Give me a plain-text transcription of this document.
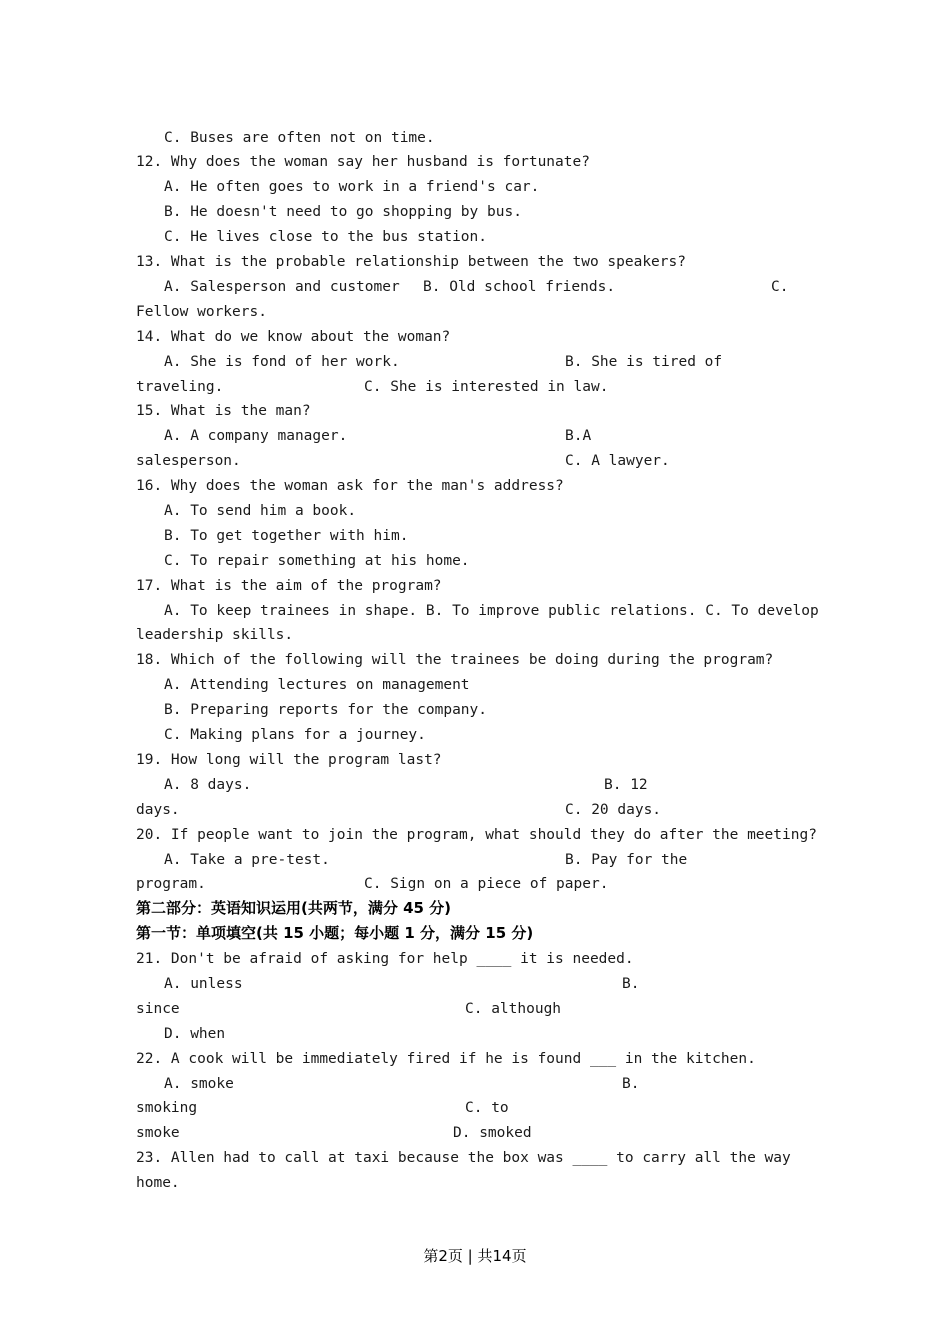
C. Buses are often not on time.
12. Why does the woman say her husband is fortunate?
A. He often goes to work in a friend's car.
B. He doesn't need to go shopping by bus.
C. He lives close to the bus station.
13. What is the probable relationship between the two speakers?
A. Salesperson and customer B. Old school friends.	C.
Fellow workers.
14. What do we know about the woman?
A. She is fond of her work.	B. She is tired of
traveling.	C. She is interested in law.
15. What is the man?
A. A company manager.	B.A
salesperson.	C. A lawyer.
16. Why does the woman ask for the man's address?
A. To send him a book.
B. To get together with him.
C. To repair something at his home.
17. What is the aim of the program?
A. To keep trainees in shape. B. To improve public relations. C. To develop
leadership skills.
18. Which of the following will the trainees be doing during the program?
A. Attending lectures on management
B. Preparing reports for the company.
C. Making plans for a journey.
19. How long will the program last?
A. 8 days.	B. 12
days.	C. 20 days.
20. If people want to join the program, what should they do after the meeting?
A. Take a pre-test.	B. Pay for the
program.	C. Sign on a piece of paper.
第二部分：英语知识运用(共两节，满分 45 分)
第一节：单项填空(共 15 小题；每小题 1 分，满分 15 分)
21. Don't be afraid of asking for help ____ it is needed.
A. unless	B.
since	C. although
D. when
22. A cook will be immediately fired if he is found ___ in the kitchen.
A. smoke	B.
smoking	C. to
smoke	D. smoked
23. Allen had to call at taxi because the box was ____ to carry all the way
home.
第2页 | 共14页
